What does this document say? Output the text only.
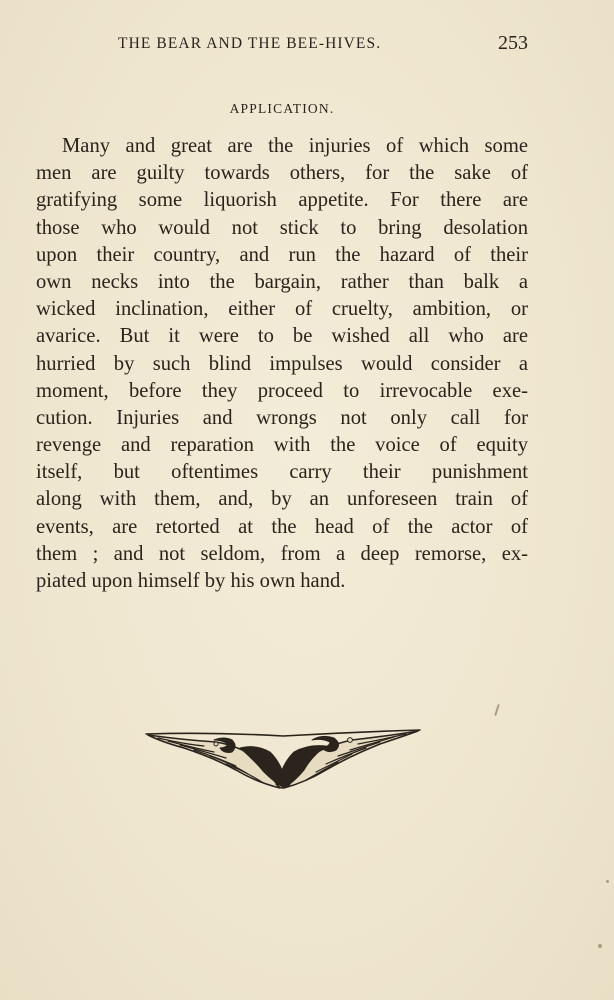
THE BEAR AND THE BEE-HIVES.	253
APPLICATION.
Many and great are the injuries of which some
men are guilty towards others, for the sake of
gratifying some liquorish appetite. For there are
those who would not stick to bring desolation
upon their country, and run the hazard of their
own necks into the bargain, rather than balk a
wicked inclination, either of cruelty, ambition, or
avarice. But it were to be wished all who are
hurried by such blind impulses would consider a
moment, before they proceed to irrevocable exe-
cution. Injuries and wrongs not only call for
revenge and reparation with the voice of equity
itself, but oftentimes carry their punishment
along with them, and, by an unforeseen train of
events, are retorted at the head of the actor of
them ; and not seldom, from a deep remorse, ex-
piated upon himself by his own hand.
